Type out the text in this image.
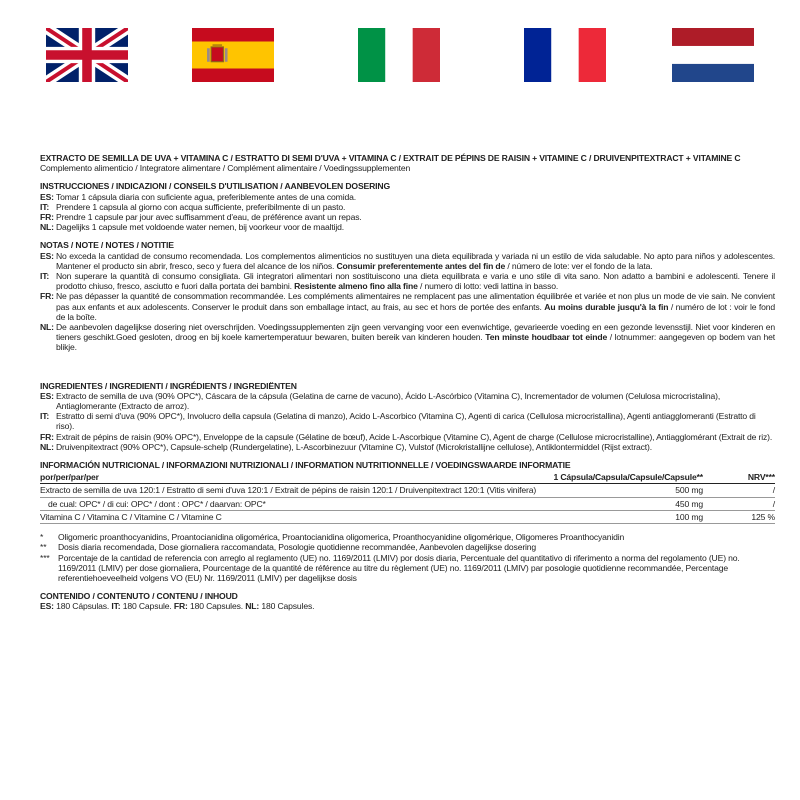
EXTRACTO DE SEMILLA DE UVA + VITAMINA C / ESTRATTO DI SEMI D'UVA + VITAMINA C / EXTRAIT DE PÉPINS DE RAISIN + VITAMINE C / DRUIVENPITEXTRACT + VITAMINE C
Complemento alimenticio / Integratore alimentare / Complément alimentaire / Voedingssupplementen
INSTRUCCIONES / INDICAZIONI / CONSEILS D'UTILISATION / AANBEVOLEN DOSERING
ES: Tomar 1 cápsula diaria con suficiente agua, preferiblemente antes de una comida.
IT: Prendere 1 capsula al giorno con acqua sufficiente, preferibilmente di un pasto.
FR: Prendre 1 capsule par jour avec suffisamment d'eau, de préférence avant un repas.
NL: Dagelijks 1 capsule met voldoende water nemen, bij voorkeur voor de maaltijd.
NOTAS / NOTE / NOTES / NOTITIE
ES: No exceda la cantidad de consumo recomendada. Los complementos alimenticios no sustituyen una dieta equilibrada y variada ni un estilo de vida saludable. No apto para niños y adolescentes. Mantener el producto sin abrir, fresco, seco y fuera del alcance de los niños. Consumir preferentemente antes del fin de / número de lote: ver el fondo de la lata.
IT: Non superare la quantità di consumo consigliata. Gli integratori alimentari non sostituiscono una dieta equilibrata e varia e uno stile di vita sano. Non adatto a bambini e adolescenti. Tenere il prodotto chiuso, fresco, asciutto e fuori dalla portata dei bambini. Resistente almeno fino alla fine / numero di lotto: vedi lattina in basso.
FR: Ne pas dépasser la quantité de consommation recommandée. Les compléments alimentaires ne remplacent pas une alimentation équilibrée et variée et non plus un mode de vie sain. Ne convient pas aux enfants et aux adolescents. Conserver le produit dans son emballage intact, au frais, au sec et hors de portée des enfants. Au moins durable jusqu'à la fin / numéro de lot : voir le fond de la boîte.
NL: De aanbevolen dagelijkse dosering niet overschrijden. Voedingssupplementen zijn geen vervanging voor een evenwichtige, gevarieerde voeding en een gezonde levensstijl. Niet voor kinderen en tieners geschikt.Goed gesloten, droog en bij koele kamertemperatuur bewaren, buiten bereik van kinderen houden. Ten minste houdbaar tot einde / lotnummer: aangegeven op bodem van het blikje.
INGREDIENTES / INGREDIENTI / INGRÉDIENTS / INGREDIËNTEN
ES: Extracto de semilla de uva (90% OPC*), Cáscara de la cápsula (Gelatina de carne de vacuno), Ácido L-Ascórbico (Vitamina C), Incrementador de volumen (Celulosa microcristalina), Antiaglomerante (Extracto de arroz).
IT: Estratto di semi d'uva (90% OPC*), Involucro della capsula (Gelatina di manzo), Acido L-Ascorbico (Vitamina C), Agenti di carica (Cellulosa microcristallina), Agenti antiagglomeranti (Estratto di riso).
FR: Extrait de pépins de raisin (90% OPC*), Enveloppe de la capsule (Gélatine de bœuf), Acide L-Ascorbique (Vitamine C), Agent de charge (Cellulose microcristalline), Antiagglomérant (Extrait de riz).
NL: Druivenpitextract (90% OPC*), Capsule-schelp (Rundergelatine), L-Ascorbinezuur (Vitamine C), Vulstof (Microkristallijne cellulose), Antiklontermiddel (Rijst extract).
INFORMACIÓN NUTRICIONAL / INFORMAZIONI NUTRIZIONALI / INFORMATION NUTRITIONNELLE / VOEDINGSWAARDE INFORMATIE
por/per/par/per	1 Cápsula/Capsula/Capsule/Capsule**	NRV***
Extracto de semilla de uva 120:1 / Estratto di semi d'uva 120:1 / Extrait de pépins de raisin 120:1 / Druivenpitextract 120:1 (Vitis vinifera)	500 mg	/
de cual: OPC* / di cui: OPC* / dont : OPC* / daarvan: OPC*	450 mg	/
Vitamina C / Vitamina C / Vitamine C / Vitamine C	100 mg	125 %
*	Oligomeric proanthocyanidins, Proantocianidina oligomérica, Proantocianidina oligomerica, Proanthocyanidine oligomérique, Oligomeres Proanthocyanidin
**	Dosis diaria recomendada, Dose giornaliera raccomandata, Posologie quotidienne recommandée, Aanbevolen dagelijkse dosering
*** Porcentaje de la cantidad de referencia con arreglo al reglamento (UE) no. 1169/2011 (LMIV) por dosis diaria, Percentuale del quantitativo di riferimento a norma del regolamento (UE) no. 1169/2011 (LMIV) per dose giornaliera, Pourcentage de la quantité de référence au titre du règlement (UE) no. 1169/2011 (LMIV) par posologie quotidienne recommandée, Percentage referentiehoeveelheid volgens VO (EU) Nr. 1169/2011 (LMIV) per dagelijkse dosis
CONTENIDO / CONTENUTO / CONTENU / INHOUD
ES: 180 Cápsulas. IT: 180 Capsule. FR: 180 Capsules. NL: 180 Capsules.
